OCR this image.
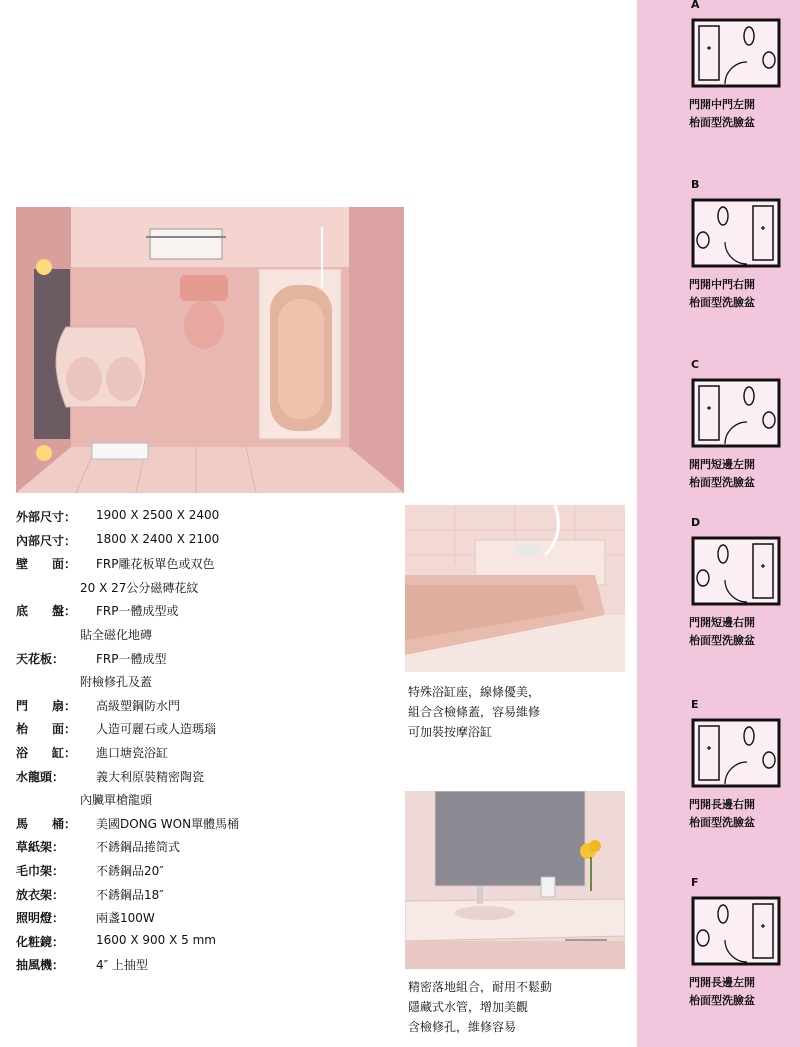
外部尺寸：	1900 X 2500 X 2400
內部尺寸：	1800 X 2400 X 2100
壁　　面：	FRP雕花板單色或双色
20 X 27公分磁磚花紋
底　　盤：	FRP一體成型或
貼全磁化地磚
天花板：	FRP一體成型
附檢修孔及蓋
門　　扇：	高級塑鋼防水門
枱　　面：	人造可麗石或人造瑪瑙
浴　　缸：	進口塘瓷浴缸
水龍頭：	義大利原裝精密陶瓷
內臟單槍龍頭
馬　　桶：	美國DONG WON單體馬桶
草紙架：	不銹鋼品捲筒式
毛巾架：	不銹鋼品20″
放衣架：	不銹鋼品18″
照明燈：	兩盞100W
化粧鏡：	1600 X 900 X 5 mm
抽風機：	4″ 上抽型
特殊浴缸座，線條優美，
組合含檢條蓋，容易維修
可加裝按摩浴缸
精密落地組合，耐用不鬆動
隱藏式水管，增加美觀
含檢修孔，維修容易
A
門開中門左開
枱面型洗臉盆
B
門開中門右開
枱面型洗臉盆
C
開門短邊左開
枱面型洗臉盆
D
門開短邊右開
枱面型洗臉盆
E
門開長邊右開
枱面型洗臉盆
F
門開長邊左開
枱面型洗臉盆
